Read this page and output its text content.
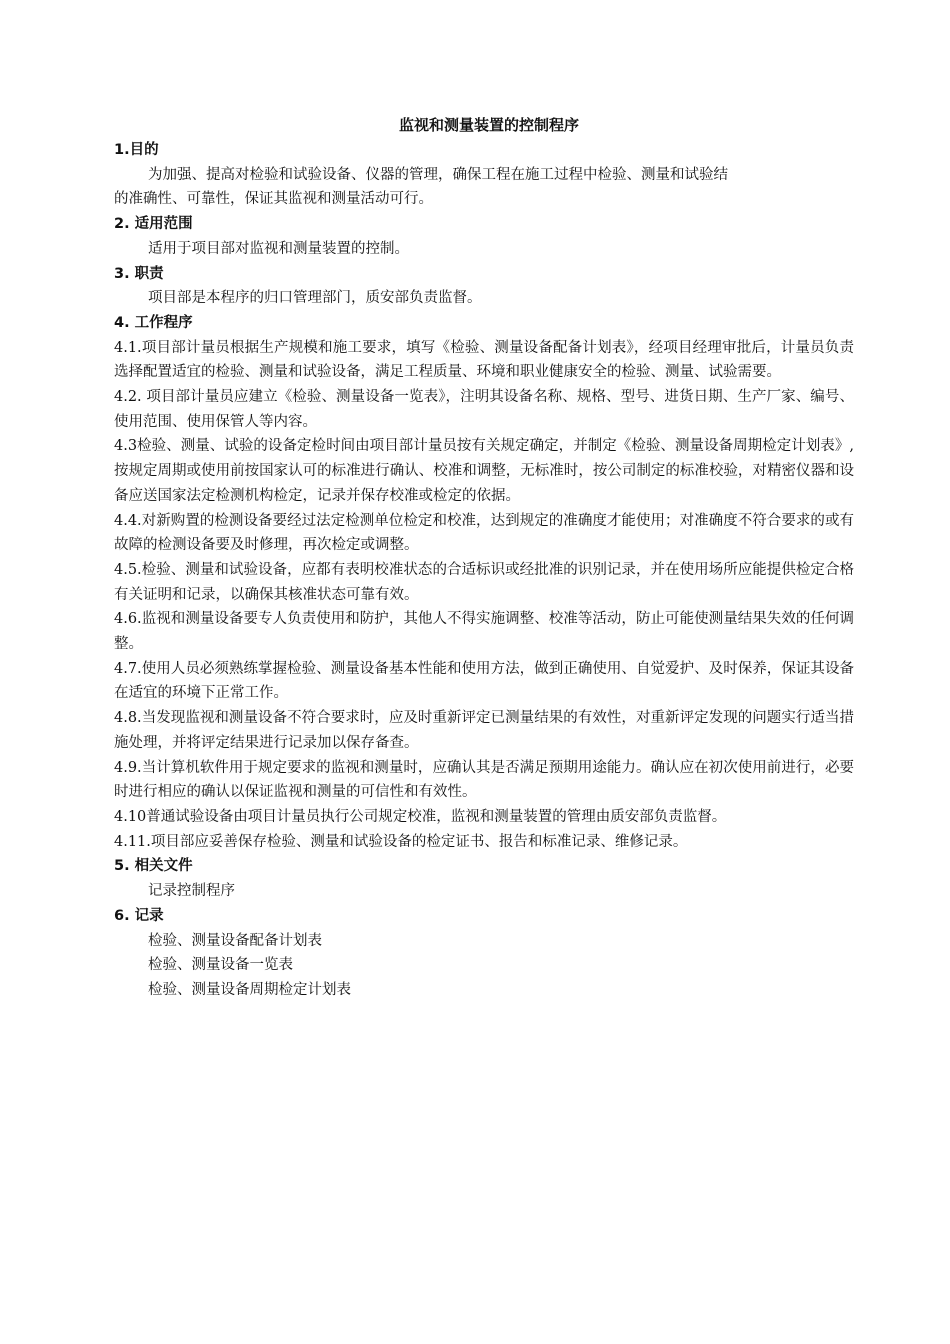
监视和测量装置的控制程序
1.目的
为加强、提高对检验和试验设备、仪器的管理，确保工程在施工过程中检验、测量和试验结
的准确性、可靠性，保证其监视和测量活动可行。
2. 适用范围

适用于项目部对监视和测量装置的控制。

3. 职责

项目部是本程序的归口管理部门，质安部负责监督。

4. 工作程序

4.1.项目部计量员根据生产规模和施工要求，填写《检验、测量设备配备计划表》，经项目经理审批后，计量员负责选择配置适宜的检验、测量和试验设备，满足工程质量、环境和职业健康安全的检验、测量、试验需要。

4.2. 项目部计量员应建立《检验、测量设备一览表》，注明其设备名称、规格、型号、进货日期、生产厂家、编号、使用范围、使用保管人等内容。

4.3检验、测量、试验的设备定检时间由项目部计量员按有关规定确定，并制定《检验、测量设备周期检定计划表》,按规定周期或使用前按国家认可的标准进行确认、校准和调整，无标准时，按公司制定的标准校验，对精密仪器和设备应送国家法定检测机构检定，记录并保存校准或检定的依据。

4.4.对新购置的检测设备要经过法定检测单位检定和校准，达到规定的准确度才能使用；对准确度不符合要求的或有故障的检测设备要及时修理，再次检定或调整。

4.5.检验、测量和试验设备，应都有表明校准状态的合适标识或经批准的识别记录，并在使用场所应能提供检定合格有关证明和记录，以确保其核准状态可靠有效。

4.6.监视和测量设备要专人负责使用和防护，其他人不得实施调整、校准等活动，防止可能使测量结果失效的任何调整。

4.7.使用人员必须熟练掌握检验、测量设备基本性能和使用方法，做到正确使用、自觉爱护、及时保养，保证其设备在适宜的环境下正常工作。

4.8.当发现监视和测量设备不符合要求时，应及时重新评定已测量结果的有效性，对重新评定发现的问题实行适当措施处理，并将评定结果进行记录加以保存备查。

4.9.当计算机软件用于规定要求的监视和测量时，应确认其是否满足预期用途能力。确认应在初次使用前进行，必要时进行相应的确认以保证监视和测量的可信性和有效性。

4.10普通试验设备由项目计量员执行公司规定校准，监视和测量装置的管理由质安部负责监督。

4.11.项目部应妥善保存检验、测量和试验设备的检定证书、报告和标准记录、维修记录。

5. 相关文件

记录控制程序

6. 记录
检验、测量设备配备计划表
检验、测量设备一览表
检验、测量设备周期检定计划表
